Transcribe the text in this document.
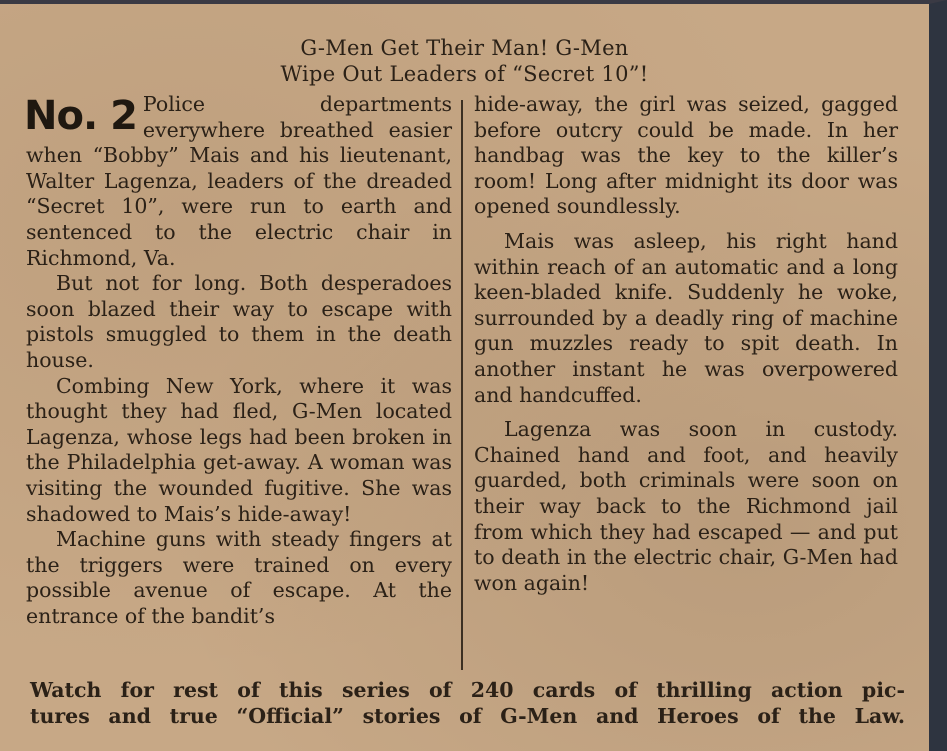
G-Men Get Their Man! G-Men
Wipe Out Leaders of “Secret 10”!

No. 2 Police departments everywhere breathed easier when “Bobby” Mais and his lieutenant, Walter Lagenza, leaders of the dreaded “Secret 10”, were run to earth and sentenced to the electric chair in Richmond, Va.

But not for long. Both desperadoes soon blazed their way to escape with pistols smuggled to them in the death house.

Combing New York, where it was thought they had fled, G-Men located Lagenza, whose legs had been broken in the Philadelphia get-away. A woman was visiting the wounded fugitive. She was shadowed to Mais’s hide-away!

Machine guns with steady fingers at the triggers were trained on every possible avenue of escape. At the entrance of the bandit’s

hide-away, the girl was seized, gagged before outcry could be made. In her handbag was the key to the killer’s room! Long after midnight its door was opened soundlessly.

Mais was asleep, his right hand within reach of an automatic and a long keen-bladed knife. Suddenly he woke, surrounded by a deadly ring of machine gun muzzles ready to spit death. In another instant he was overpowered and handcuffed.

Lagenza was soon in custody. Chained hand and foot, and heavily guarded, both criminals were soon on their way back to the Richmond jail from which they had escaped — and put to death in the electric chair, G-Men had won again!

Watch for rest of this series of 240 cards of thrilling action pic-
tures and true “Official” stories of G-Men and Heroes of the Law.
